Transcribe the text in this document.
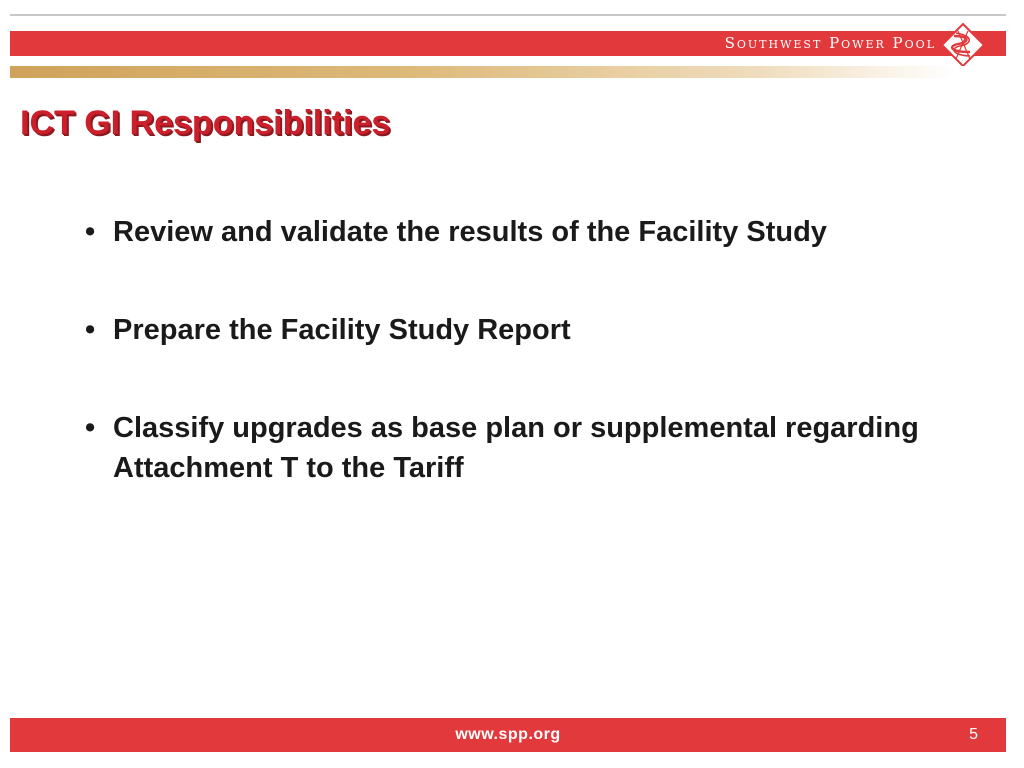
Southwest Power Pool
ICT GI Responsibilities
• Review and validate the results of the Facility Study
• Prepare the Facility Study Report
• Classify upgrades as base plan or supplemental regarding Attachment T to the Tariff
www.spp.org	5
